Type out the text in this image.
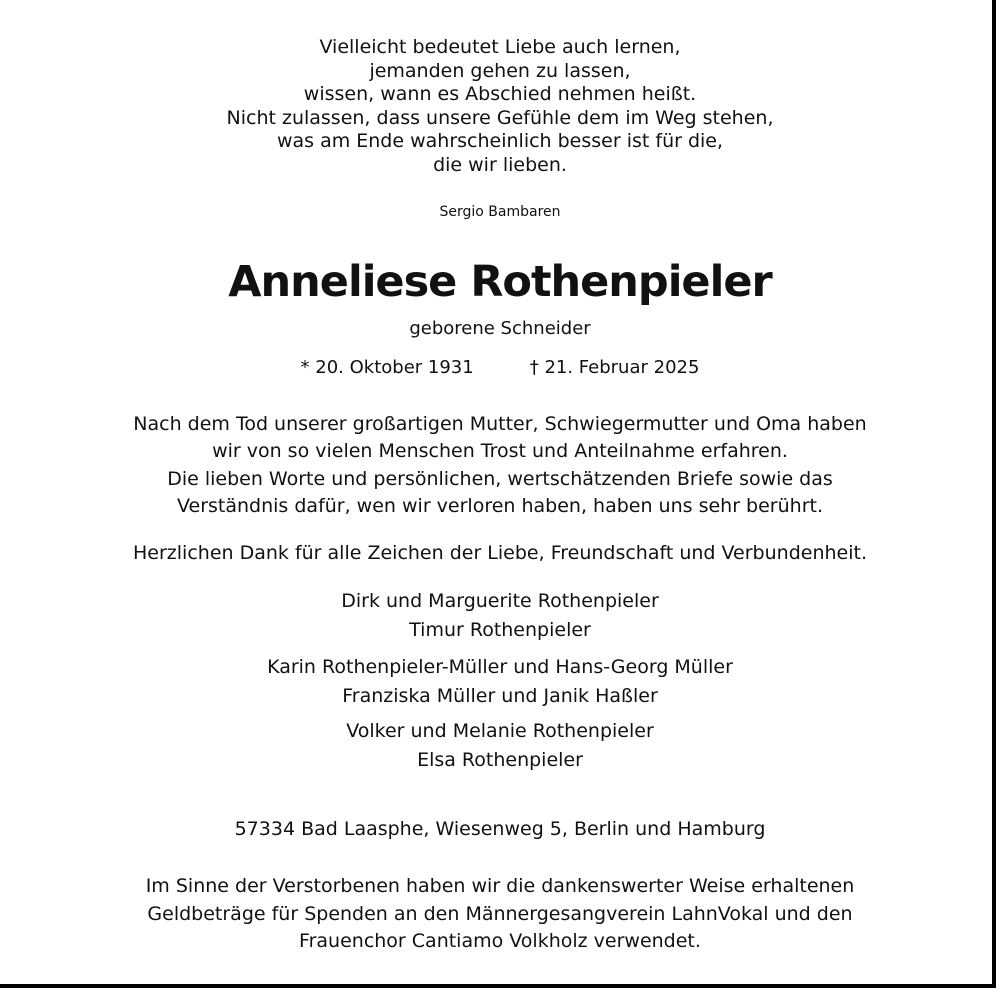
Vielleicht bedeutet Liebe auch lernen,
jemanden gehen zu lassen,
wissen, wann es Abschied nehmen heißt.
Nicht zulassen, dass unsere Gefühle dem im Weg stehen,
was am Ende wahrscheinlich besser ist für die,
die wir lieben.
Sergio Bambaren
Anneliese Rothenpieler
geborene Schneider
* 20. Oktober 1931	† 21. Februar 2025
Nach dem Tod unserer großartigen Mutter, Schwiegermutter und Oma haben
wir von so vielen Menschen Trost und Anteilnahme erfahren.
Die lieben Worte und persönlichen, wertschätzenden Briefe sowie das
Verständnis dafür, wen wir verloren haben, haben uns sehr berührt.
Herzlichen Dank für alle Zeichen der Liebe, Freundschaft und Verbundenheit.
Dirk und Marguerite Rothenpieler
Timur Rothenpieler
Karin Rothenpieler-Müller und Hans-Georg Müller
Franziska Müller und Janik Haßler
Volker und Melanie Rothenpieler
Elsa Rothenpieler
57334 Bad Laasphe, Wiesenweg 5, Berlin und Hamburg
Im Sinne der Verstorbenen haben wir die dankenswerter Weise erhaltenen
Geldbeträge für Spenden an den Männergesangverein LahnVokal und den
Frauenchor Cantiamo Volkholz verwendet.
